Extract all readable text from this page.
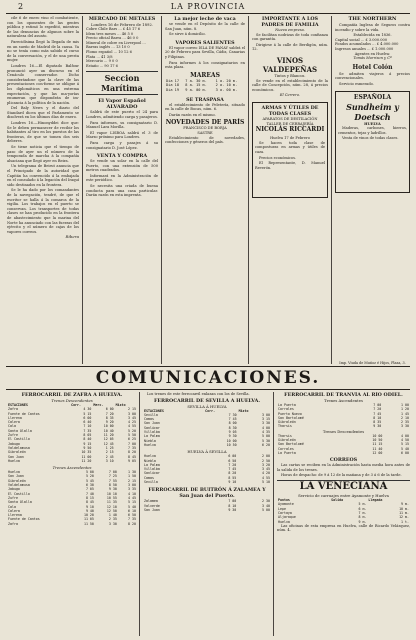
2	LA PROVINCIA

cile 6 de enero vino el combatiente, con los oponentes de las gentes pública y estimó lo espeditó, mientras de las denuncias de algunos sobre la naturaleza del asunto.

Parecidísima llegó la llegada de mis en un sueño de Madrid de la causa. Ya no se tenía como más sabido el curso de la conversación, y el de una presta mujer.

Londres 16.—El diputado Balfour pronunció ayer un discurso en el Cenáculo conservador. Dicho considerándose que la clave de las presentaciones con-forme se obligue á los diplomáticos en una extrema expectación, y que las ma-yorías enumeran que dispondrán de im-plicancia á la política de la nación.

Del Baly News y el diario del Standard dicen que el Parlamento se disolverá en los últimos días de enero.

Londres 16.—Hinonyddei dice que: Se le deben permanecer de recibir los habitantes al tiro en los puestos de las fronteras, de que se tomen dos seis deberes.

Se tiene noticia que el tiempo de paso de ayer un el número de la temporada de marcha á la compañía alsaciana que llegó ayer en Beira.

Un telegrama de Beirut anuncia que el Principado de la autoridad que Capitán ha convencido á la embajada en el consulado á la legación del Iraquí sido destinados en la frontera.

Se le ha dado por los comandantes de la navegación, tendré, de que el escritor se halla á la comarca de la vigilia. Los trabajos en el puerto se conservan. Los transportes de todas clases se han producido en la frontera de abastecimiento que la marina del Norte ha anunciado con las fuerzas del ejército y el número de cajas de los vapores correos.

Ribera
MERCADO DE METALES
Londres 16 de Febrero de 1892.
Cobre Chile Bars ... £ 45 17 6
Idem tres meses ... 46 5 0
Precio oficial Barra ... 46 0 0
Mineral de cobre en Liverpool ...
Barras inglés ... 13 10 0
Plomo español ... 10 12 6
Plata ... 41 3/8
Mercurio ... 9 0 0
Estaño ... 90 17 6
Seccion Marítima
El Vapor Español ALVARADO

Saldrá de este puerto el 24 para Londres, admitiendo carga y pasajeros.

Para informes, su consignatario D. Manuel Lara Morilla.

El vapor LISBOA saldrá el 3 de Marzo próximo para Londres.

Para carga y pasajes á su consignatario D. José López.

VENTA Y COMPRA

Se vende un solar en la calle del Puerto, con una extensión de 500 metros cuadrados.

Informará en la Administración de este periódico.

Se necesita una criada de buena conducta para una casa particular. Darán razón en esta imprenta.

La mejor leche de vaca

se vende en el Depósito de la calle de San Juan, núm. 8.

Se sirve á domicilio.

VAPORES SALIENTES

El vapor correo ISLA DE PANAY saldrá el 20 de Febrero para Sevilla, Cádiz, Canarias y Filipinas.

Para informes á los consignatarios en esta plaza.

MAREAS
Dia 17	7 a. 30 m.	1 a. 20 m.
Dia 18	8 a. 15 m.	2 a. 10 m.
Dia 19	9 a. 00 m.	3 a. 00 m.
SE TRASPASA

el establecimiento de Peletería, situado en la calle de Bocas, núm. 6.

Darán razón en el mismo.

NOVEDADES DE PARÍS
FRANCISCO DE BORJA
SASTRE

Establecimiento de novedades, confecciones y géneros del país.

IMPORTANTE Á LOS PADRES DE FAMILIA
Nueva empresa.

Se facilitan nodrizas de toda confianza con garantía.

Dirigirse á la calle de Berdigón, núm. 12.

VINOS VALDEPEÑAS
Tintos y Blancos.

Se vende en el establecimiento de la calle de Concepción, núm. 28, á precios económicos.

El Cerrero.
ARMAS Y ÚTILES DE TODAS CLASES
APARATOS DE DESTILACIÓN
TALLER DE CERRAJERÍA
NICOLÁS RICCARDI
Huelva 17 de Febrero

Se hacen toda clase de composturas en armas y útiles de caza.

Precios económicos.

El Representante, D. Manuel Reverón.

THE NORTHERN

Compañía Inglesa de Seguros contra incendio y sobre la vida.

Establecida en 1836.
Capital social ... £ 3.000.000
Fondos acumulados ... £ 4.000.000
Ingresos anuales ... £ 1.000.000
Agentes en Huelva:
Tomás Morrison y Cª
Hotel Colón

Se admiten viajeros á precios convencionales.

Servicio esmerado.

ESPAÑOLA
Sundheim y Doetsch
HUELVA

Maderas, carbones, hierros, cementos, tejas y ladrillos.

Venta de vinos de todas clases.

Imp. Viuda de Muñoz é Hijos, Plaza, 3.
COMUNICACIONES.
FERROCARRIL DE ZAFRA A HUELVA.
Trenes Descendentes
ESTACIONES	Corr.	Merc.	Mixto
Zafra	4 30	6 00	2 15
Fuente de Cantos	5 15	7 20	3 00
Llerena	6 00	8 35	3 45
Calera	6 40	9 20	4 25
Cala	7 10	10 00	4 55
Santa Olalla	7 35	10 40	5 20
Zufre	8 05	11 20	5 50
El Castillo	8 40	12 05	6 25
Jabugo	9 15	12 45	7 00
Valdelamusa	9 50	1 25	7 35
Gibraleón	10 35	2 15	8 20
San Juan	11 00	2 45	8 45
Huelva	11 20	3 10	9 05
Trenes Ascendentes
Huelva	5 00	7 00	1 30
San Juan	5 20	7 25	1 50
Gibraleón	5 45	7 55	2 15
Valdelamusa	6 30	8 50	3 00
Jabugo	7 05	9 30	3 35
El Castillo	7 40	10 10	4 10
Zufre	8 15	10 55	4 45
Santa Olalla	8 45	11 35	5 15
Cala	9 10	12 10	5 40
Calera	9 40	12 50	6 10
Llerena	10 20	1 40	6 50
Fuente de Cantos	11 05	2 35	7 35
Zafra	11 50	3 30	8 20

Los trenes de este ferrocarril enlazan con los de Sevilla.

FERROCARRIL DE SEVILLA A HUELVA.
SEVILLA Á HUELVA
ESTACIONES	Corr.	Mixto
Sevilla	7 30	3 00
Camas	7 45	3 15
San Juan	8 00	3 30
Sanlúcar	8 30	4 00
Villalba	9 05	4 35
La Palma	9 30	5 00
Niebla	10 00	5 30
Huelva	10 50	6 20
HUELVA Á SEVILLA
Huelva	6 00	2 00
Niebla	6 50	2 50
La Palma	7 20	3 20
Villalba	7 45	3 45
Sanlúcar	8 20	4 20
Camas	8 55	4 55
Sevilla	9 10	5 10
FERROCARRIL DE BUITRÓN Á ZALAMEA Y San Juan del Puerto.
Zalamea	7 00	2 30
Valverde	8 10	3 40
San Juan	9 30	5 00
FERROCARRIL DE TRANVÍA AL RÍO ODIEL.
Trenes Ascendentes
La Puerta	7 00	1 00
Corrales	7 20	1 20
Puerto Nuevo	7 45	1 45
San Bartolomé	8 10	2 10
Gibraleón	8 35	2 35
Tharsis	9 30	3 30
Trenes Descendentes
Tharsis	10 00	4 00
Gibraleón	10 50	4 50
San Bartolomé	11 15	5 15
Corrales	11 40	5 40
La Puerta	12 00	6 00
CORREOS

Las cartas se reciben en la Administración hasta media hora antes de la salida de los trenes.

Horas de despacho: de 9 á 12 de la mañana y de 3 á 6 de la tarde.

LA VENECIANA
Servicio de carruajes entre Ayamonte y Huelva
Puntos	Salida	Llegada
Ayamonte	5 m.	9 m.
Lepe	6 m.	10 m.
Cartaya	7 m.	11 m.
Aljaraque	8 m.	12 m.
Huelva	9 m.	1 t.

Las oficinas de esta empresa en Huelva, calle de Ricardo Velázquez, núm. 4.
